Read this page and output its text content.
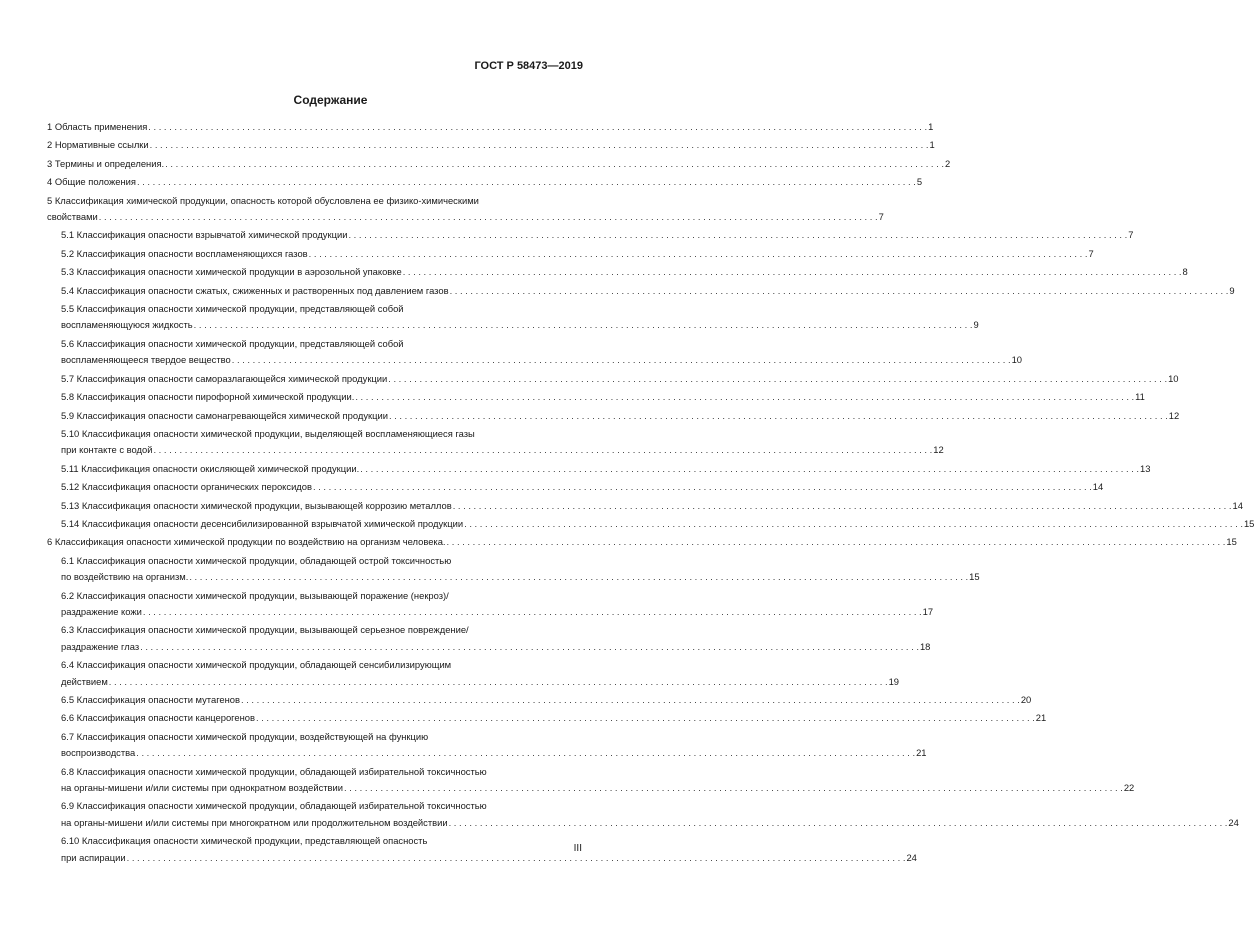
ГОСТ Р 58473—2019
Содержание
1 Область применения . . .	1
2 Нормативные ссылки . . .	1
3 Термины и определения. . . .	2
4 Общие положения . . .	5
5 Классификация химической продукции, опасность которой обусловлена ее физико-химическими
свойствами . . .	7
5.1 Классификация опасности взрывчатой химической продукции . . .	7
5.2 Классификация опасности воспламеняющихся газов . . .	7
5.3 Классификация опасности химической продукции в аэрозольной упаковке . . .	8
5.4 Классификация опасности сжатых, сжиженных и растворенных под давлением газов . . .	9
5.5 Классификация опасности химической продукции, представляющей собой
воспламеняющуюся жидкость . . .	9
5.6 Классификация опасности химической продукции, представляющей собой
воспламеняющееся твердое вещество . . .	10
5.7 Классификация опасности саморазлагающейся химической продукции . . .	10
5.8 Классификация опасности пирофорной химической продукции. . . .	11
5.9 Классификация опасности самонагревающейся химической продукции . . .	12
5.10 Классификация опасности химической продукции, выделяющей воспламеняющиеся газы
при контакте с водой . . .	12
5.11 Классификация опасности окисляющей химической продукции. . . .	13
5.12 Классификация опасности органических пероксидов . . .	14
5.13 Классификация опасности химической продукции, вызывающей коррозию металлов . . .	14
5.14 Классификация опасности десенсибилизированной взрывчатой химической продукции . . .	15
6 Классификация опасности химической продукции по воздействию на организм человека. . . .	15
6.1 Классификация опасности химической продукции, обладающей острой токсичностью
по воздействию на организм. . . .	15
6.2 Классификация опасности химической продукции, вызывающей поражение (некроз)/
раздражение кожи . . .	17
6.3 Классификация опасности химической продукции, вызывающей серьезное повреждение/
раздражение глаз . . .	18
6.4 Классификация опасности химической продукции, обладающей сенсибилизирующим
действием . . .	19
6.5 Классификация опасности мутагенов . . .	20
6.6 Классификация опасности канцерогенов . . .	21
6.7 Классификация опасности химической продукции, воздействующей на функцию
воспроизводства . . .	21
6.8 Классификация опасности химической продукции, обладающей избирательной токсичностью
на органы-мишени и/или системы при однократном воздействии . . .	22
6.9 Классификация опасности химической продукции, обладающей избирательной токсичностью
на органы-мишени и/или системы при многократном или продолжительном воздействии . . .	24
6.10 Классификация опасности химической продукции, представляющей опасность
при аспирации . . .	24
III
